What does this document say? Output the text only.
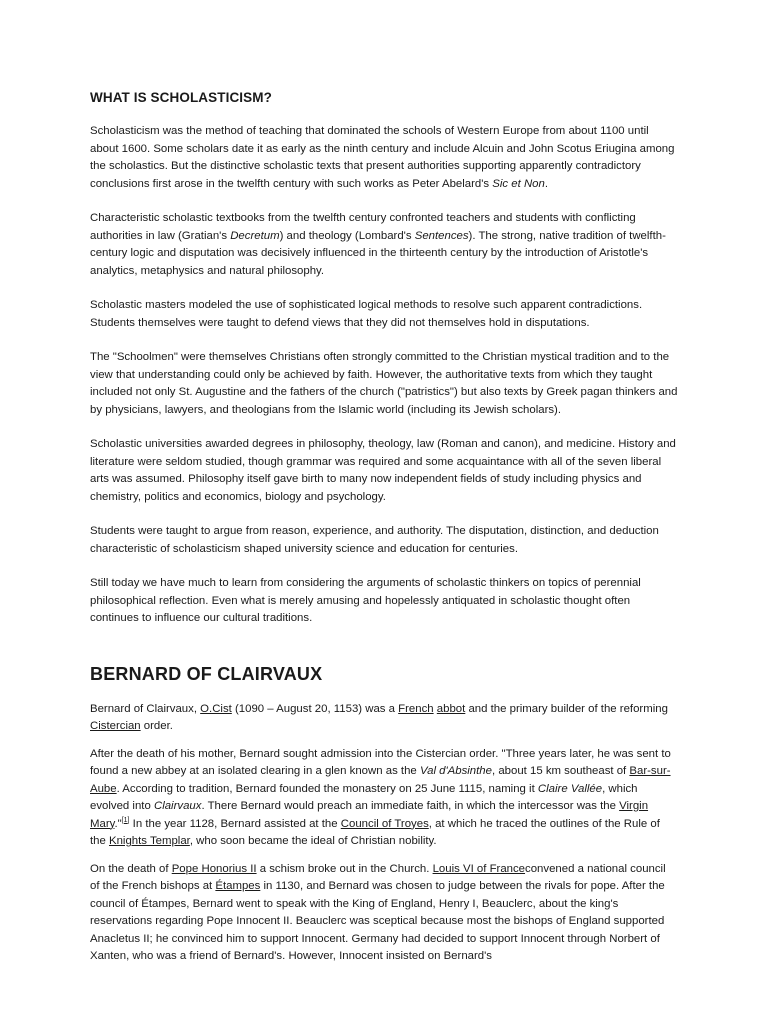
WHAT IS SCHOLASTICISM?

Scholasticism was the method of teaching that dominated the schools of Western Europe from about 1100 until about 1600. Some scholars date it as early as the ninth century and include Alcuin and John Scotus Eriugina among the scholastics. But the distinctive scholastic texts that present authorities supporting apparently contradictory conclusions first arose in the twelfth century with such works as Peter Abelard's Sic et Non.

Characteristic scholastic textbooks from the twelfth century confronted teachers and students with conflicting authorities in law (Gratian's Decretum) and theology (Lombard's Sentences). The strong, native tradition of twelfth-century logic and disputation was decisively influenced in the thirteenth century by the introduction of Aristotle's analytics, metaphysics and natural philosophy.

Scholastic masters modeled the use of sophisticated logical methods to resolve such apparent contradictions. Students themselves were taught to defend views that they did not themselves hold in disputations.

The "Schoolmen" were themselves Christians often strongly committed to the Christian mystical tradition and to the view that understanding could only be achieved by faith. However, the authoritative texts from which they taught included not only St. Augustine and the fathers of the church ("patristics") but also texts by Greek pagan thinkers and by physicians, lawyers, and theologians from the Islamic world (including its Jewish scholars).

Scholastic universities awarded degrees in philosophy, theology, law (Roman and canon), and medicine. History and literature were seldom studied, though grammar was required and some acquaintance with all of the seven liberal arts was assumed. Philosophy itself gave birth to many now independent fields of study including physics and chemistry, politics and economics, biology and psychology.

Students were taught to argue from reason, experience, and authority. The disputation, distinction, and deduction characteristic of scholasticism shaped university science and education for centuries.

Still today we have much to learn from considering the arguments of scholastic thinkers on topics of perennial philosophical reflection. Even what is merely amusing and hopelessly antiquated in scholastic thought often continues to influence our cultural traditions.

BERNARD OF CLAIRVAUX

Bernard of Clairvaux, O.Cist (1090 – August 20, 1153) was a French abbot and the primary builder of the reforming Cistercian order.

After the death of his mother, Bernard sought admission into the Cistercian order. "Three years later, he was sent to found a new abbey at an isolated clearing in a glen known as the Val d'Absinthe, about 15 km southeast of Bar-sur-Aube. According to tradition, Bernard founded the monastery on 25 June 1115, naming it Claire Vallée, which evolved into Clairvaux. There Bernard would preach an immediate faith, in which the intercessor was the Virgin Mary."[1] In the year 1128, Bernard assisted at the Council of Troyes, at which he traced the outlines of the Rule of the Knights Templar, who soon became the ideal of Christian nobility.

On the death of Pope Honorius II a schism broke out in the Church. Louis VI of Franceconvened a national council of the French bishops at Étampes in 1130, and Bernard was chosen to judge between the rivals for pope. After the council of Étampes, Bernard went to speak with the King of England, Henry I, Beauclerc, about the king's reservations regarding Pope Innocent II. Beauclerc was sceptical because most the bishops of England supported Anacletus II; he convinced him to support Innocent. Germany had decided to support Innocent through Norbert of Xanten, who was a friend of Bernard's. However, Innocent insisted on Bernard's
